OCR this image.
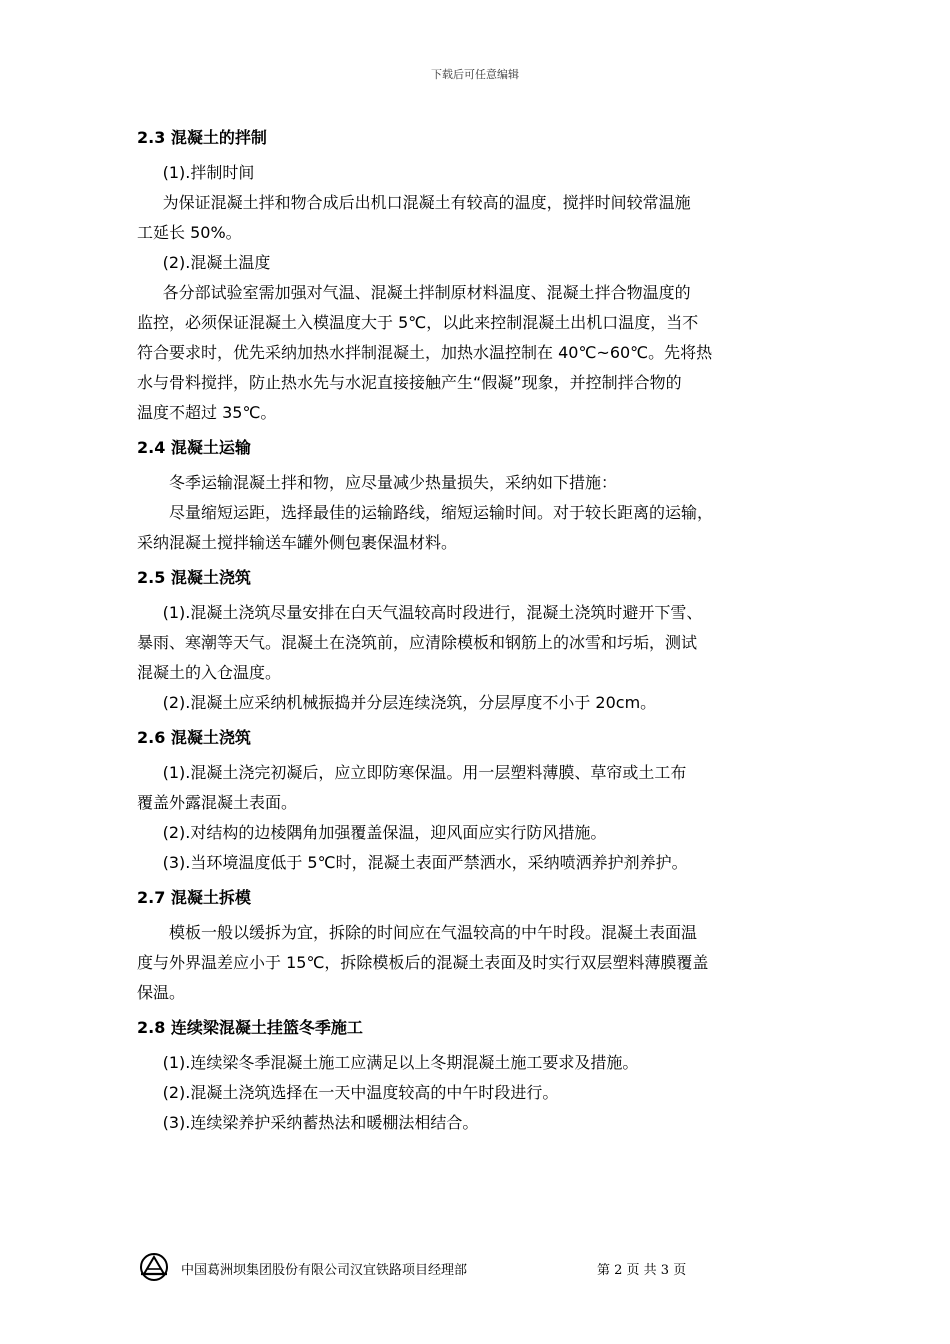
下载后可任意编辑
2.3 混凝土的拌制

(1).拌制时间

为保证混凝土拌和物合成后出机口混凝土有较高的温度，搅拌时间较常温施

工延长 50%。

(2).混凝土温度

各分部试验室需加强对气温、混凝土拌制原材料温度、混凝土拌合物温度的

监控，必须保证混凝土入模温度大于 5℃，以此来控制混凝土出机口温度，当不

符合要求时，优先采纳加热水拌制混凝土，加热水温控制在 40℃~60℃。先将热

水与骨料搅拌，防止热水先与水泥直接接触产生“假凝”现象，并控制拌合物的

温度不超过 35℃。

2.4 混凝土运输

冬季运输混凝土拌和物，应尽量减少热量损失，采纳如下措施：

尽量缩短运距，选择最佳的运输路线，缩短运输时间。对于较长距离的运输，

采纳混凝土搅拌输送车罐外侧包裹保温材料。

2.5 混凝土浇筑

(1).混凝土浇筑尽量安排在白天气温较高时段进行，混凝土浇筑时避开下雪、

暴雨、寒潮等天气。混凝土在浇筑前，应清除模板和钢筋上的冰雪和圬垢，测试

混凝土的入仓温度。

(2).混凝土应采纳机械振捣并分层连续浇筑，分层厚度不小于 20cm。

2.6 混凝土浇筑

(1).混凝土浇完初凝后，应立即防寒保温。用一层塑料薄膜、草帘或土工布

覆盖外露混凝土表面。

(2).对结构的边棱隅角加强覆盖保温，迎风面应实行防风措施。

(3).当环境温度低于 5℃时，混凝土表面严禁洒水，采纳喷洒养护剂养护。

2.7 混凝土拆模

模板一般以缓拆为宜，拆除的时间应在气温较高的中午时段。混凝土表面温

度与外界温差应小于 15℃，拆除模板后的混凝土表面及时实行双层塑料薄膜覆盖

保温。

2.8 连续梁混凝土挂篮冬季施工

(1).连续梁冬季混凝土施工应满足以上冬期混凝土施工要求及措施。

(2).混凝土浇筑选择在一天中温度较高的中午时段进行。

(3).连续梁养护采纳蓄热法和暖棚法相结合。

中国葛洲坝集团股份有限公司汉宜铁路项目经理部	第 2 页 共 3 页
